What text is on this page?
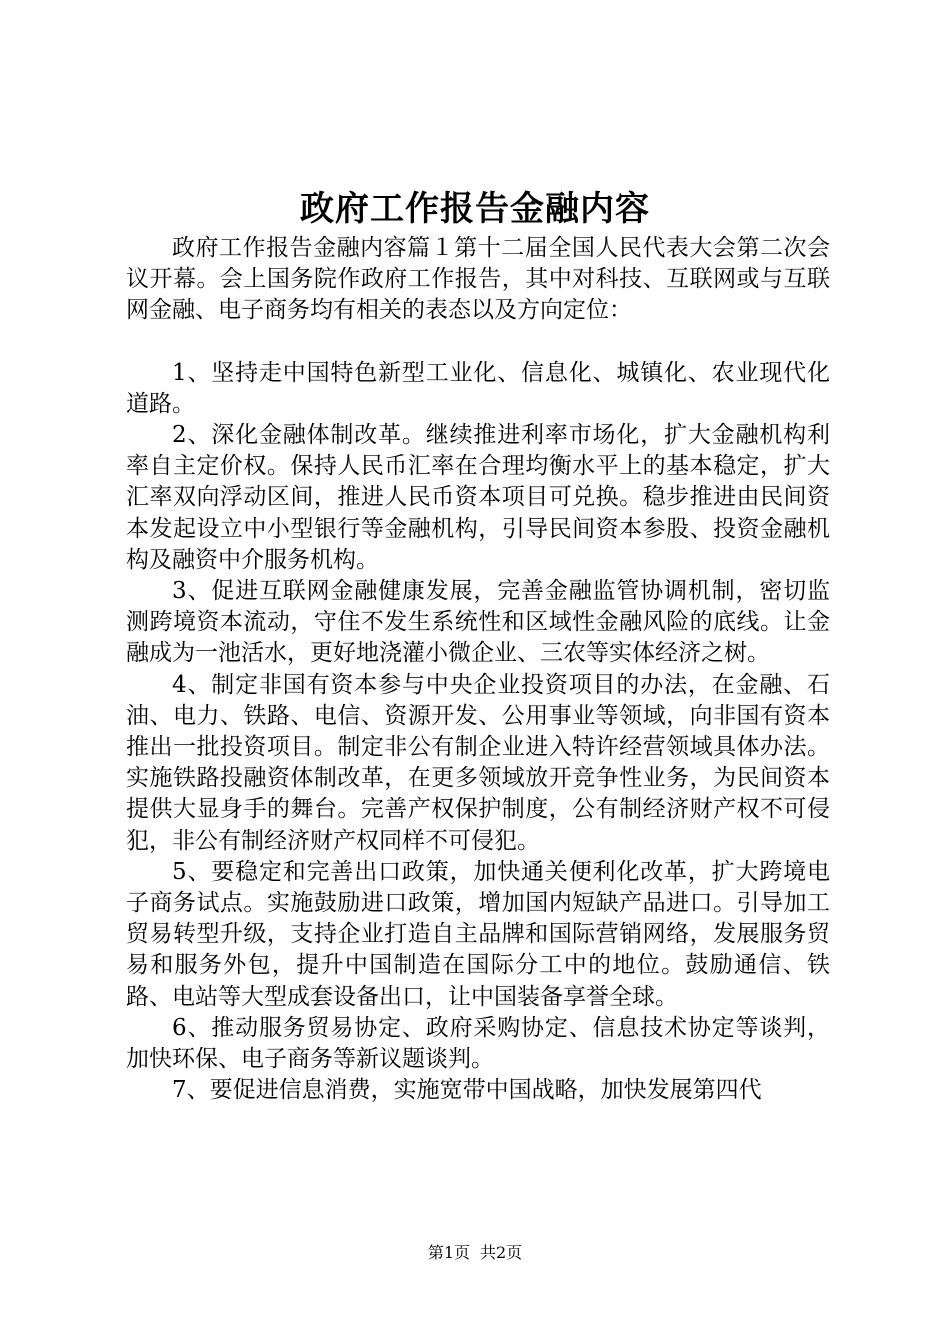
政府工作报告金融内容

政府工作报告金融内容篇１第十二届全国人民代表大会第二次会议开幕。会上国务院作政府工作报告，其中对科技、互联网或与互联网金融、电子商务均有相关的表态以及方向定位：

1、坚持走中国特色新型工业化、信息化、城镇化、农业现代化道路。

2、深化金融体制改革。继续推进利率市场化，扩大金融机构利率自主定价权。保持人民币汇率在合理均衡水平上的基本稳定，扩大汇率双向浮动区间，推进人民币资本项目可兑换。稳步推进由民间资本发起设立中小型银行等金融机构，引导民间资本参股、投资金融机构及融资中介服务机构。

3、促进互联网金融健康发展，完善金融监管协调机制，密切监测跨境资本流动，守住不发生系统性和区域性金融风险的底线。让金融成为一池活水，更好地浇灌小微企业、三农等实体经济之树。

4、制定非国有资本参与中央企业投资项目的办法，在金融、石油、电力、铁路、电信、资源开发、公用事业等领域，向非国有资本推出一批投资项目。制定非公有制企业进入特许经营领域具体办法。实施铁路投融资体制改革，在更多领域放开竞争性业务，为民间资本提供大显身手的舞台。完善产权保护制度，公有制经济财产权不可侵犯，非公有制经济财产权同样不可侵犯。

5、要稳定和完善出口政策，加快通关便利化改革，扩大跨境电子商务试点。实施鼓励进口政策，增加国内短缺产品进口。引导加工贸易转型升级，支持企业打造自主品牌和国际营销网络，发展服务贸易和服务外包，提升中国制造在国际分工中的地位。鼓励通信、铁路、电站等大型成套设备出口，让中国装备享誉全球。

6、推动服务贸易协定、政府采购协定、信息技术协定等谈判，加快环保、电子商务等新议题谈判。

7、要促进信息消费，实施宽带中国战略，加快发展第四代

第1页 共2页
